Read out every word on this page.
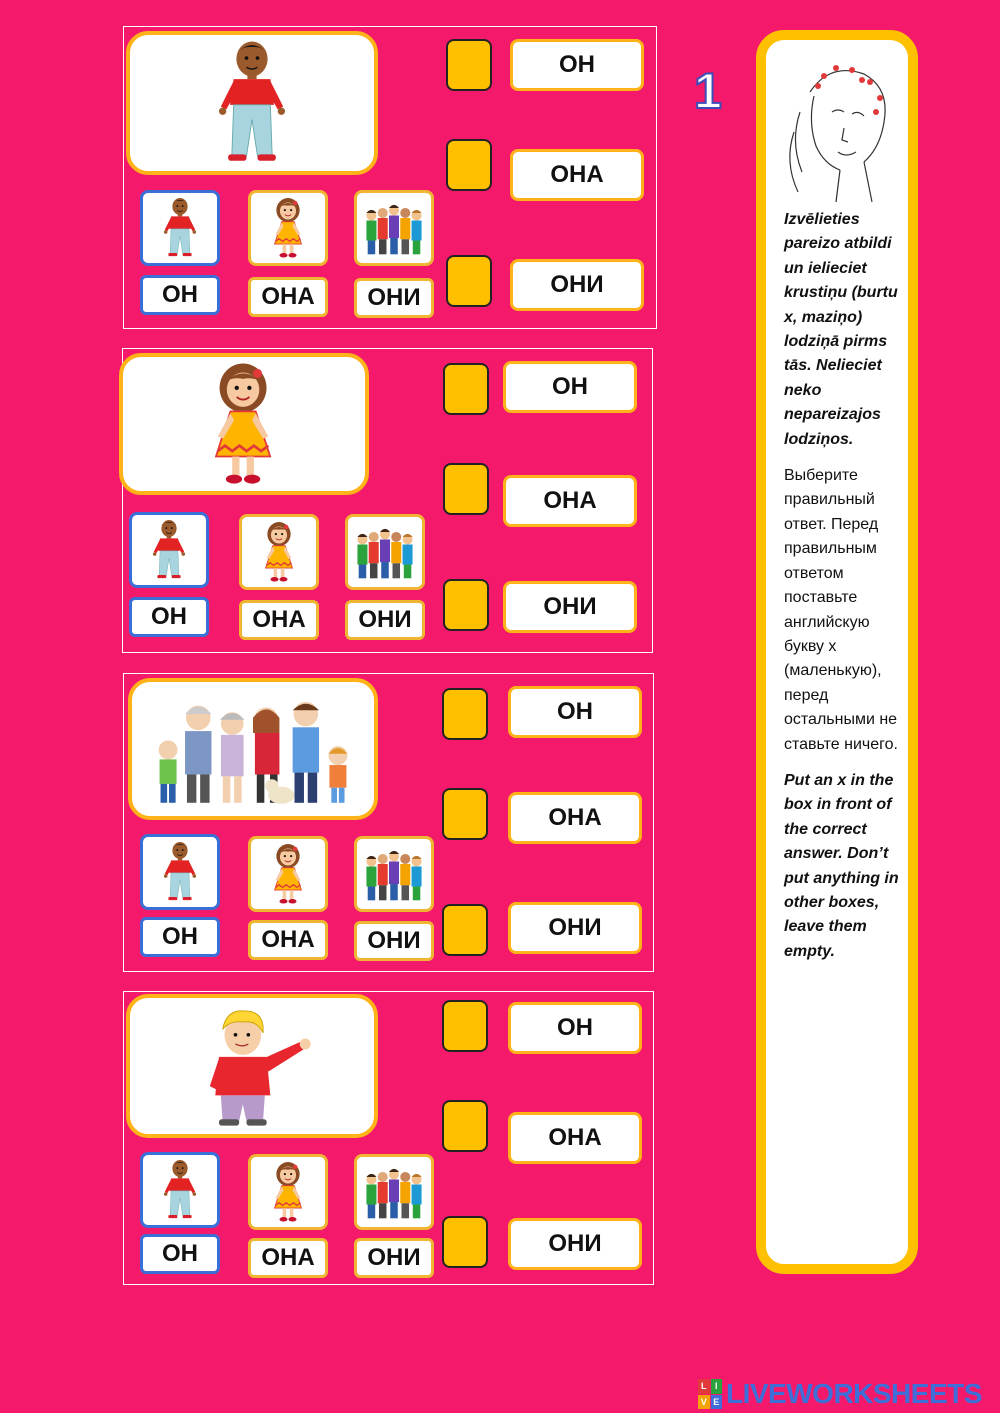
ОН	ОНА	ОНИ
ОН
ОНА
ОНИ
ОН	ОНА	ОНИ
ОН
ОНА
ОНИ
ОН	ОНА	ОНИ
ОН
ОНА
ОНИ
ОН	ОНА	ОНИ
ОН
ОНА
ОНИ
1

Izvēlieties pareizo atbildi un ielieciet krustiņu (burtu x, maziņo) lodziņā pirms tās. Nelieciet neko nepareizajos lodziņos.

Выберите правильный ответ. Перед правильным ответом поставьте английскую букву х (маленькую), перед остальными не ставьте ничего.

Put an x in the box in front of the correct answer. Don’t put anything in other boxes, leave them empty.

L I
V E LIVEWORKSHEETS
